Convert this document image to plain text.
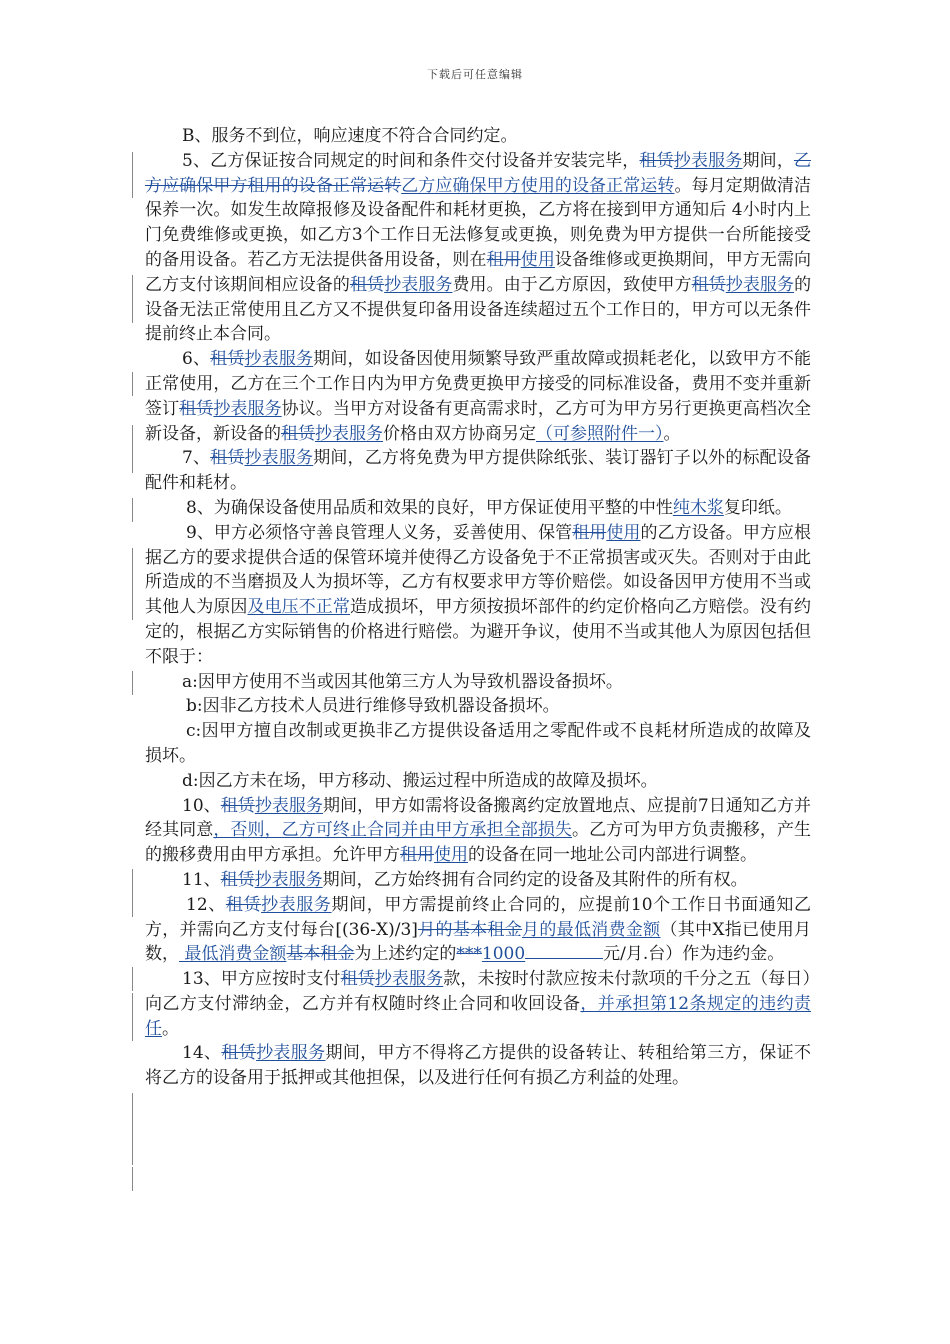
下载后可任意编辑

B、服务不到位，响应速度不符合合同约定。

5、乙方保证按合同规定的时间和条件交付设备并安装完毕，租赁抄表服务期间，乙方应确保甲方租用的设备正常运转乙方应确保甲方使用的设备正常运转。每月定期做清洁保养一次。如发生故障报修及设备配件和耗材更换，乙方将在接到甲方通知后 4小时内上门免费维修或更换，如乙方3个工作日无法修复或更换，则免费为甲方提供一台所能接受的备用设备。若乙方无法提供备用设备，则在租用使用设备维修或更换期间，甲方无需向乙方支付该期间相应设备的租赁抄表服务费用。由于乙方原因，致使甲方租赁抄表服务的设备无法正常使用且乙方又不提供复印备用设备连续超过五个工作日的，甲方可以无条件提前终止本合同。

6、租赁抄表服务期间，如设备因使用频繁导致严重故障或损耗老化，以致甲方不能正常使用，乙方在三个工作日内为甲方免费更换甲方接受的同标准设备，费用不变并重新签订租赁抄表服务协议。当甲方对设备有更高需求时，乙方可为甲方另行更换更高档次全新设备，新设备的租赁抄表服务价格由双方协商另定（可参照附件一）。

7、租赁抄表服务期间，乙方将免费为甲方提供除纸张、装订器钉子以外的标配设备配件和耗材。

8、为确保设备使用品质和效果的良好，甲方保证使用平整的中性纯木浆复印纸。

9、甲方必须恪守善良管理人义务，妥善使用、保管租用使用的乙方设备。甲方应根据乙方的要求提供合适的保管环境并使得乙方设备免于不正常损害或灭失。否则对于由此所造成的不当磨损及人为损坏等，乙方有权要求甲方等价赔偿。如设备因甲方使用不当或其他人为原因及电压不正常造成损坏，甲方须按损坏部件的约定价格向乙方赔偿。没有约定的，根据乙方实际销售的价格进行赔偿。为避开争议，使用不当或其他人为原因包括但不限于：

a:因甲方使用不当或因其他第三方人为导致机器设备损坏。

b:因非乙方技术人员进行维修导致机器设备损坏。

c:因甲方擅自改制或更换非乙方提供设备适用之零配件或不良耗材所造成的故障及损坏。

d:因乙方未在场，甲方移动、搬运过程中所造成的故障及损坏。

10、租赁抄表服务期间，甲方如需将设备搬离约定放置地点、应提前7日通知乙方并经其同意，否则，乙方可终止合同并由甲方承担全部损失。乙方可为甲方负责搬移，产生的搬移费用由甲方承担。允许甲方租用使用的设备在同一地址公司内部进行调整。

11、租赁抄表服务期间，乙方始终拥有合同约定的设备及其附件的所有权。

12、租赁抄表服务期间，甲方需提前终止合同的，应提前10个工作日书面通知乙方，并需向乙方支付每台[(36-X)/3]月的基本租金月的最低消费金额（其中X指已使用月数， 最低消费金额基本租金为上述约定的***1000	元/月.台）作为违约金。

13、甲方应按时支付租赁抄表服务款，未按时付款应按未付款项的千分之五（每日）向乙方支付滞纳金，乙方并有权随时终止合同和收回设备，并承担第12条规定的违约责任。

14、租赁抄表服务期间，甲方不得将乙方提供的设备转让、转租给第三方，保证不将乙方的设备用于抵押或其他担保，以及进行任何有损乙方利益的处理。
